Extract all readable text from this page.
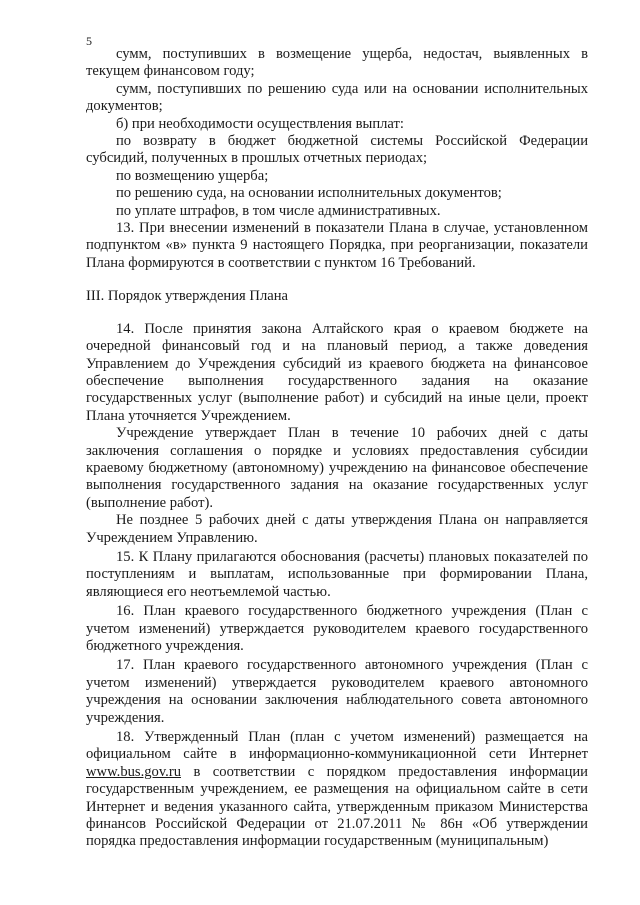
5

сумм, поступивших в возмещение ущерба, недостач, выявленных в текущем финансовом году;

сумм, поступивших по решению суда или на основании исполнительных документов;

б) при необходимости осуществления выплат:

по возврату в бюджет бюджетной системы Российской Федерации субсидий, полученных в прошлых отчетных периодах;

по возмещению ущерба;

по решению суда, на основании исполнительных документов;

по уплате штрафов, в том числе административных.

13. При внесении изменений в показатели Плана в случае, установленном подпунктом «в» пункта 9 настоящего Порядка, при реорганизации, показатели Плана формируются в соответствии с пунктом 16 Требований.

III. Порядок утверждения Плана

14. После принятия закона Алтайского края о краевом бюджете на очередной финансовый год и на плановый период, а также доведения Управлением до Учреждения субсидий из краевого бюджета на финансовое обеспечение выполнения государственного задания на оказание государственных услуг (выполнение работ) и субсидий на иные цели, проект Плана уточняется Учреждением.

Учреждение утверждает План в течение 10 рабочих дней с даты заключения соглашения о порядке и условиях предоставления субсидии краевому бюджетному (автономному) учреждению на финансовое обеспечение выполнения государственного задания на оказание государственных услуг (выполнение работ).

Не позднее 5 рабочих дней с даты утверждения Плана он направляется Учреждением Управлению.

15. К Плану прилагаются обоснования (расчеты) плановых показателей по поступлениям и выплатам, использованные при формировании Плана, являющиеся его неотъемлемой частью.

16. План краевого государственного бюджетного учреждения (План с учетом изменений) утверждается руководителем краевого государственного бюджетного учреждения.

17. План краевого государственного автономного учреждения (План с учетом изменений) утверждается руководителем краевого автономного учреждения на основании заключения наблюдательного совета автономного учреждения.

18. Утвержденный План (план с учетом изменений) размещается на официальном сайте в информационно-коммуникационной сети Интернет www.bus.gov.ru в соответствии с порядком предоставления информации государственным учреждением, ее размещения на официальном сайте в сети Интернет и ведения указанного сайта, утвержденным приказом Министерства финансов Российской Федерации от 21.07.2011 № 86н «Об утверждении порядка предоставления информации государственным (муниципальным)
